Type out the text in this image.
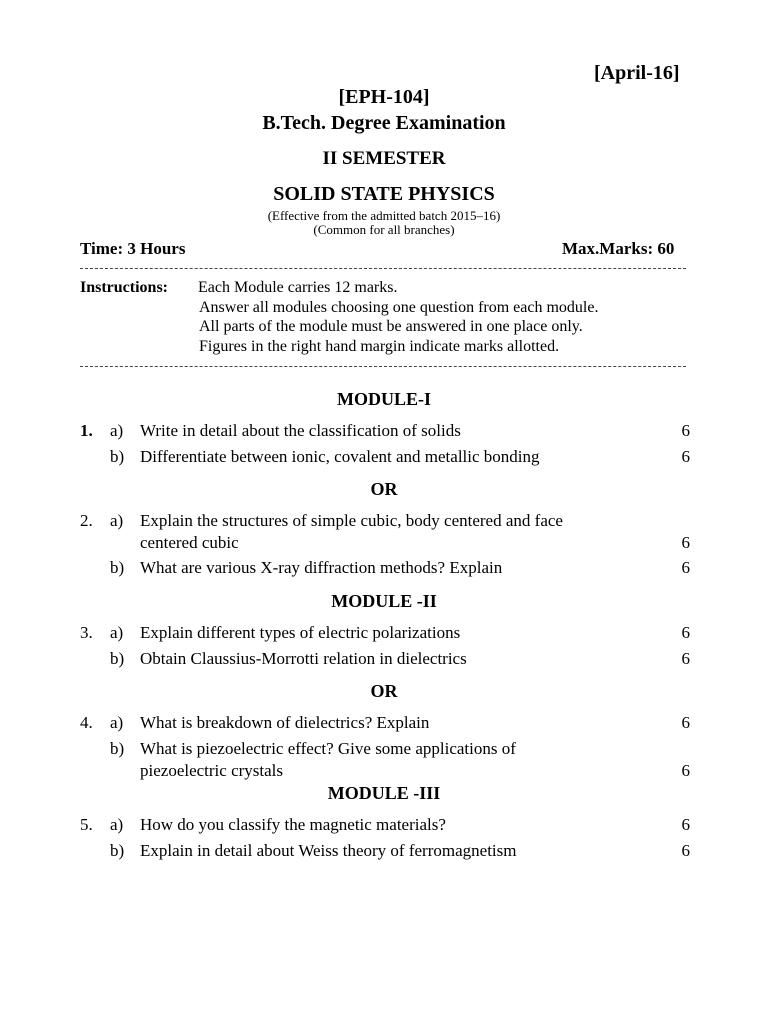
[April-16]
[EPH-104]
B.Tech. Degree Examination
II SEMESTER
SOLID STATE PHYSICS
(Effective from the admitted batch 2015–16)
(Common for all branches)
Time: 3 Hours	Max.Marks: 60
Instructions: Each Module carries 12 marks.
Answer all modules choosing one question from each module.
All parts of the module must be answered in one place only.
Figures in the right hand margin indicate marks allotted.
MODULE-I
1. a) Write in detail about the classification of solids	6
b) Differentiate between ionic, covalent and metallic bonding	6
OR
2. a) Explain the structures of simple cubic, body centered and face
centered cubic	6
b) What are various X-ray diffraction methods? Explain	6
MODULE -II
3. a) Explain different types of electric polarizations	6
b) Obtain Claussius-Morrotti relation in dielectrics	6
OR
4. a) What is breakdown of dielectrics? Explain	6
b) What is piezoelectric effect? Give some applications of
piezoelectric crystals	6
MODULE -III
5. a) How do you classify the magnetic materials?	6
b) Explain in detail about Weiss theory of ferromagnetism	6
